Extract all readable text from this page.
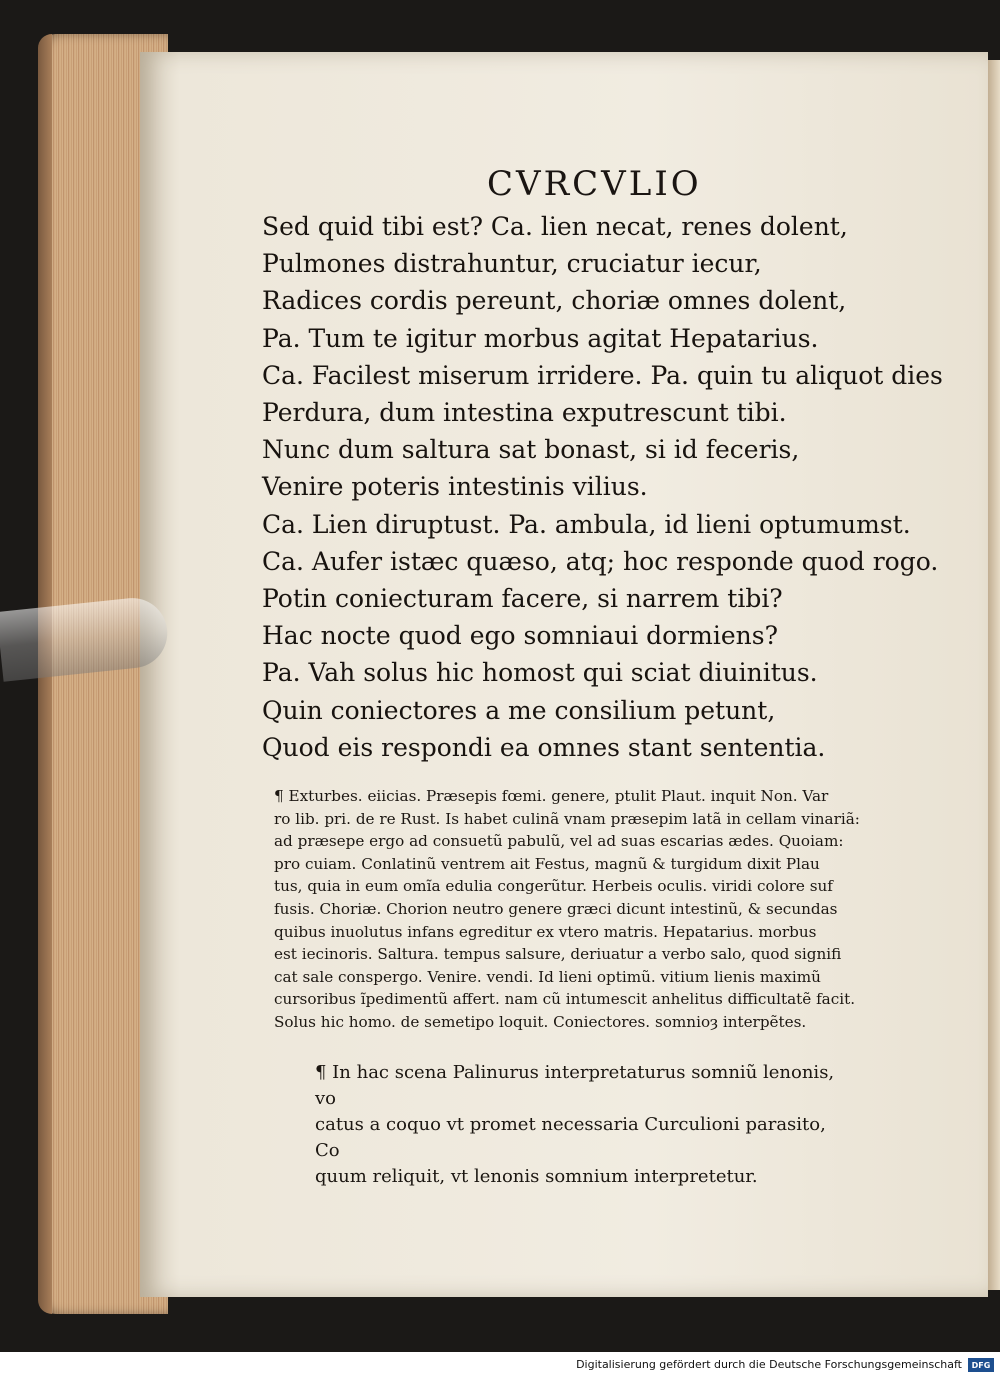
CVRCVLIO
Sed quid tibi est? Ca. lien necat, renes dolent,
Pulmones distrahuntur, cruciatur iecur,
Radices cordis pereunt, choriæ omnes dolent,
Pa. Tum te igitur morbus agitat Hepatarius.
Ca. Facilest miserum irridere. Pa. quin tu aliquot dies
Perdura, dum intestina exputrescunt tibi.
Nunc dum saltura sat bonast, si id feceris,
Venire poteris intestinis vilius.
Ca. Lien diruptust. Pa. ambula, id lieni optumumst.
Ca. Aufer istæc quæso, atq; hoc responde quod rogo.
Potin coniecturam facere, si narrem tibi?
Hac nocte quod ego somniaui dormiens?
Pa. Vah solus hic homost qui sciat diuinitus.
Quin coniectores a me consilium petunt,
Quod eis respondi ea omnes stant sententia.

¶ Exturbes. eiicias. Præsepis fœmi. genere, ptulit Plaut. inquit Non. Var

ro lib. pri. de re Rust. Is habet culinã vnam præsepim latã in cellam vinariã:

ad præsepe ergo ad consuetũ pabulũ, vel ad suas escarias ædes. Quoiam:

pro cuiam. Conlatinũ ventrem ait Festus, magnũ & turgidum dixit Plau

tus, quia in eum omĩa edulia congerũtur. Herbeis oculis. viridi colore suf

fusis. Choriæ. Chorion neutro genere græci dicunt intestinũ, & secundas

quibus inuolutus infans egreditur ex vtero matris. Hepatarius. morbus

est iecinoris. Saltura. tempus salsure, deriuatur a verbo salo, quod signifi

cat sale conspergo. Venire. vendi. Id lieni optimũ. vitium lienis maximũ

cursoribus ĩpedimentũ affert. nam cũ intumescit anhelitus difficultatẽ facit.

Solus hic homo. de semetipo loquit. Coniectores. somnioȝ interpẽtes.

¶ In hac scena Palinurus interpretaturus somniũ lenonis, vo

catus a coquo vt promet necessaria Curculioni parasito, Co

quum reliquit, vt lenonis somnium interpretetur.

Digitalisierung gefördert durch die Deutsche Forschungsgemeinschaft	DFG
